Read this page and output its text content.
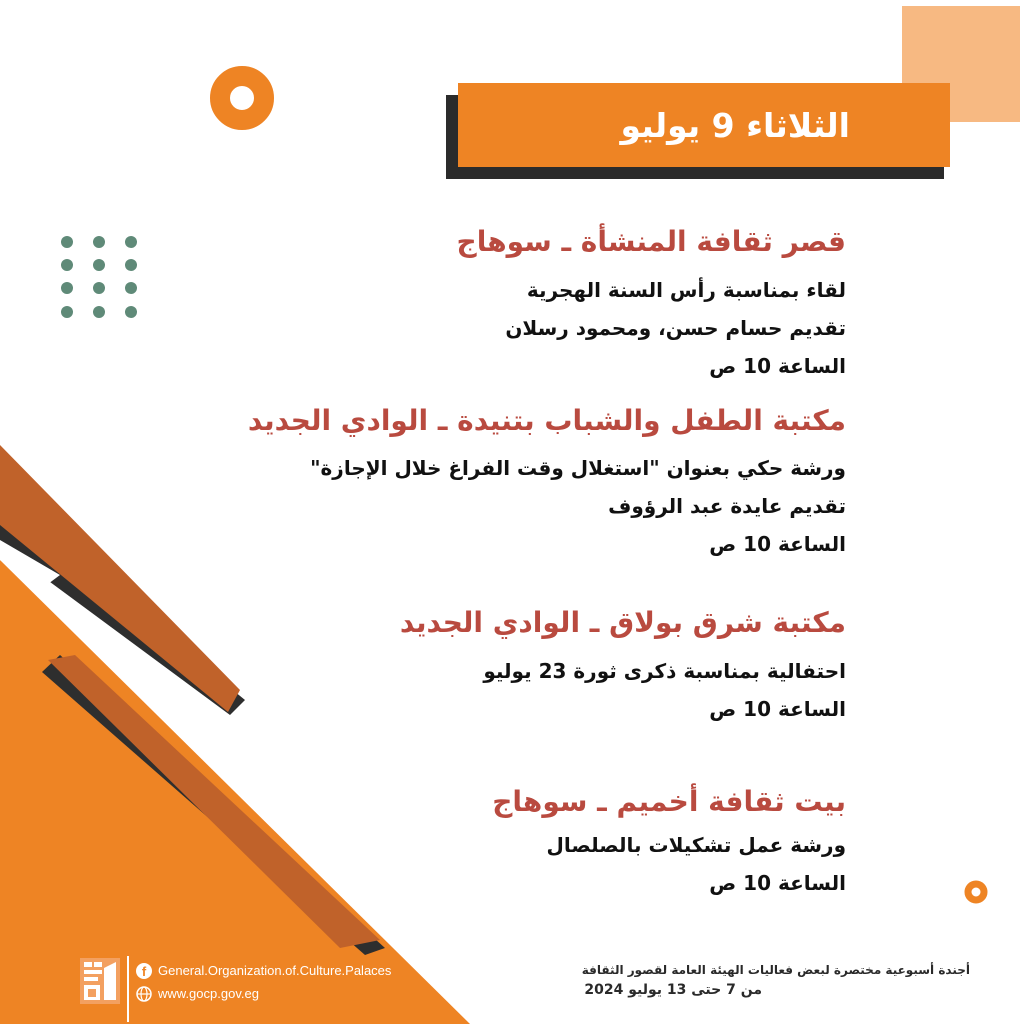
الثلاثاء 9 يوليو
قصر ثقافة المنشأة ـ سوهاج
لقاء بمناسبة رأس السنة الهجرية
تقديم حسام حسن، ومحمود رسلان
الساعة 10 ص
مكتبة الطفل والشباب بتنيدة ـ الوادي الجديد
ورشة حكي بعنوان "استغلال وقت الفراغ خلال الإجازة"
تقديم عايدة عبد الرؤوف
الساعة 10 ص
مكتبة شرق بولاق ـ الوادي الجديد
احتفالية بمناسبة ذكرى ثورة 23 يوليو
الساعة 10 ص
بيت ثقافة أخميم ـ سوهاج
ورشة عمل تشكيلات بالصلصال
الساعة 10 ص
f General.Organization.of.Culture.Palaces
www.gocp.gov.eg
أجندة أسبوعية مختصرة لبعض فعاليات الهيئة العامة لقصور الثقافة
من 7 حتى 13 يوليو 2024
